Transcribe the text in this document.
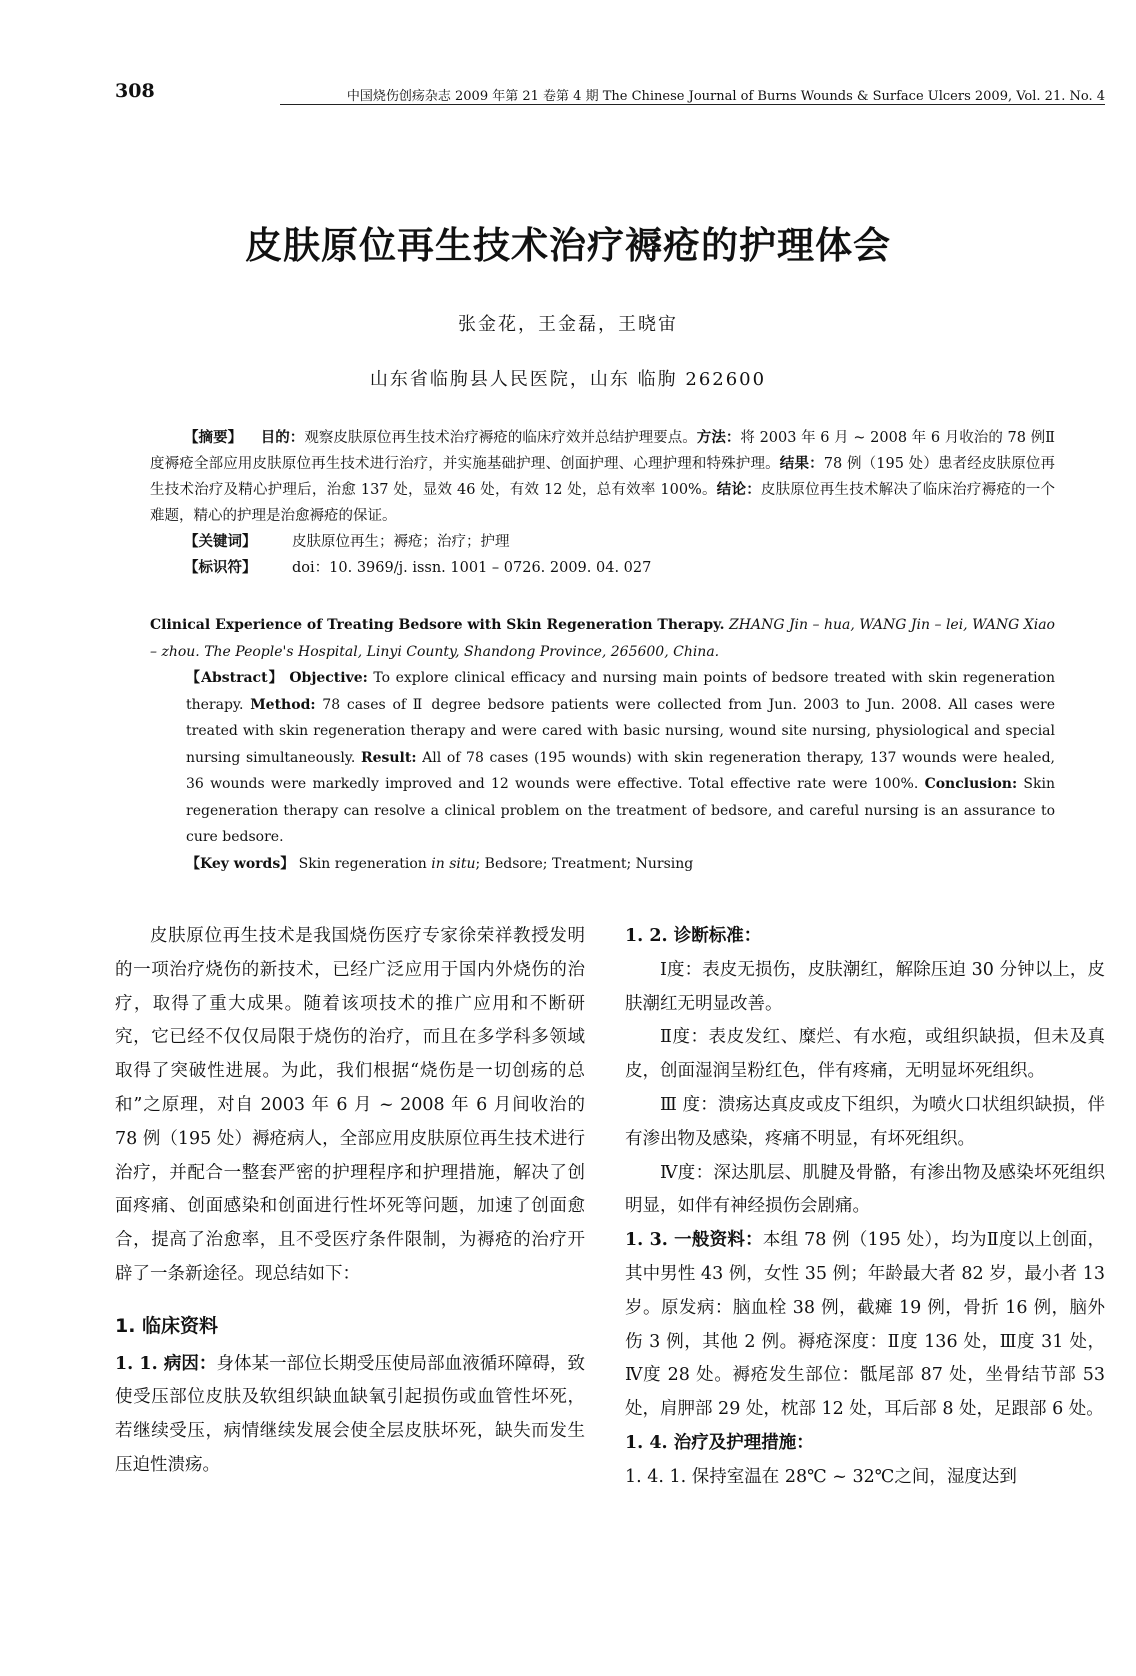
308	中国烧伤创疡杂志 2009 年第 21 卷第 4 期 The Chinese Journal of Burns Wounds & Surface Ulcers 2009, Vol. 21. No. 4
皮肤原位再生技术治疗褥疮的护理体会
张金花，王金磊，王晓宙
山东省临朐县人民医院，山东 临朐 262600
【摘要】 目的：观察皮肤原位再生技术治疗褥疮的临床疗效并总结护理要点。方法：将 2003 年 6 月 ~ 2008 年 6 月收治的 78 例Ⅱ度褥疮全部应用皮肤原位再生技术进行治疗，并实施基础护理、创面护理、心理护理和特殊护理。结果：78 例（195 处）患者经皮肤原位再生技术治疗及精心护理后，治愈 137 处，显效 46 处，有效 12 处，总有效率 100%。结论：皮肤原位再生技术解决了临床治疗褥疮的一个难题，精心的护理是治愈褥疮的保证。
【关键词】 皮肤原位再生；褥疮；治疗；护理
【标识符】 doi：10. 3969/j. issn. 1001 – 0726. 2009. 04. 027
Clinical Experience of Treating Bedsore with Skin Regeneration Therapy. ZHANG Jin – hua, WANG Jin – lei, WANG Xiao – zhou. The People's Hospital, Linyi County, Shandong Province, 265600, China.
【Abstract】 Objective: To explore clinical efficacy and nursing main points of bedsore treated with skin regeneration therapy. Method: 78 cases of Ⅱ degree bedsore patients were collected from Jun. 2003 to Jun. 2008. All cases were treated with skin regeneration therapy and were cared with basic nursing, wound site nursing, physiological and special nursing simultaneously. Result: All of 78 cases (195 wounds) with skin regeneration therapy, 137 wounds were healed, 36 wounds were markedly improved and 12 wounds were effective. Total effective rate were 100%. Conclusion: Skin regeneration therapy can resolve a clinical problem on the treatment of bedsore, and careful nursing is an assurance to cure bedsore.
【Key words】 Skin regeneration in situ; Bedsore; Treatment; Nursing

皮肤原位再生技术是我国烧伤医疗专家徐荣祥教授发明的一项治疗烧伤的新技术，已经广泛应用于国内外烧伤的治疗，取得了重大成果。随着该项技术的推广应用和不断研究，它已经不仅仅局限于烧伤的治疗，而且在多学科多领域取得了突破性进展。为此，我们根据“烧伤是一切创疡的总和”之原理，对自 2003 年 6 月 ~ 2008 年 6 月间收治的 78 例（195 处）褥疮病人，全部应用皮肤原位再生技术进行治疗，并配合一整套严密的护理程序和护理措施，解决了创面疼痛、创面感染和创面进行性坏死等问题，加速了创面愈合，提高了治愈率，且不受医疗条件限制，为褥疮的治疗开辟了一条新途径。现总结如下：

1. 临床资料

1. 1. 病因：身体某一部位长期受压使局部血液循环障碍，致使受压部位皮肤及软组织缺血缺氧引起损伤或血管性坏死，若继续受压，病情继续发展会使全层皮肤坏死，缺失而发生压迫性溃疡。

1. 2. 诊断标准：

Ⅰ度：表皮无损伤，皮肤潮红，解除压迫 30 分钟以上，皮肤潮红无明显改善。

Ⅱ度：表皮发红、糜烂、有水疱，或组织缺损，但未及真皮，创面湿润呈粉红色，伴有疼痛，无明显坏死组织。

Ⅲ 度：溃疡达真皮或皮下组织，为喷火口状组织缺损，伴有渗出物及感染，疼痛不明显，有坏死组织。

Ⅳ度：深达肌层、肌腱及骨骼，有渗出物及感染坏死组织明显，如伴有神经损伤会剧痛。

1. 3. 一般资料：本组 78 例（195 处），均为Ⅱ度以上创面，其中男性 43 例，女性 35 例；年龄最大者 82 岁，最小者 13 岁。原发病：脑血栓 38 例，截瘫 19 例，骨折 16 例，脑外伤 3 例，其他 2 例。褥疮深度：Ⅱ度 136 处，Ⅲ度 31 处，Ⅳ度 28 处。褥疮发生部位：骶尾部 87 处，坐骨结节部 53 处，肩胛部 29 处，枕部 12 处，耳后部 8 处，足跟部 6 处。

1. 4. 治疗及护理措施：

1. 4. 1. 保持室温在 28℃ ~ 32℃之间，湿度达到
